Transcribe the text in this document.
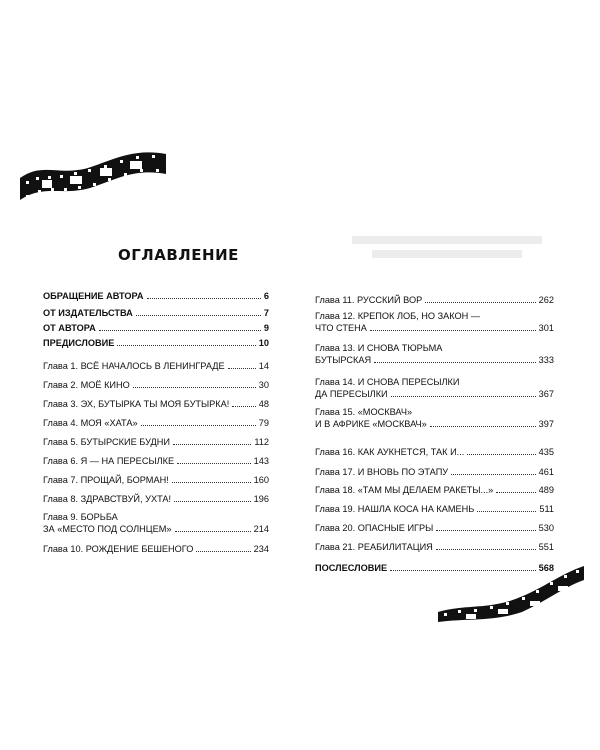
ОГЛАВЛЕНИЕ
ОБРАЩЕНИЕ АВТОРА	6
ОТ ИЗДАТЕЛЬСТВА	7
ОТ АВТОРА	9
ПРЕДИСЛОВИЕ	10
Глава 1. ВСЁ НАЧАЛОСЬ В ЛЕНИНГРАДЕ	14
Глава 2. МОЁ КИНО	30
Глава 3. ЭХ, БУТЫРКА ТЫ МОЯ БУТЫРКА!	48
Глава 4. МОЯ «ХАТА»	79
Глава 5. БУТЫРСКИЕ БУДНИ	112
Глава 6. Я — НА ПЕРЕСЫЛКЕ	143
Глава 7. ПРОЩАЙ, БОРМАН!	160
Глава 8. ЗДРАВСТВУЙ, УХТА!	196
Глава 9. БОРЬБА
ЗА «МЕСТО ПОД СОЛНЦЕМ»	214
Глава 10. РОЖДЕНИЕ БЕШЕНОГО	234
Глава 11. РУССКИЙ ВОР	262
Глава 12. КРЕПОК ЛОБ, НО ЗАКОН —
ЧТО СТЕНА	301
Глава 13. И СНОВА ТЮРЬМА
БУТЫРСКАЯ	333
Глава 14. И СНОВА ПЕРЕСЫЛКИ
ДА ПЕРЕСЫЛКИ	367
Глава 15. «МОСКВАЧ»
И В АФРИКЕ «МОСКВАЧ»	397
Глава 16. КАК АУКНЕТСЯ, ТАК И...	435
Глава 17. И ВНОВЬ ПО ЭТАПУ	461
Глава 18. «ТАМ МЫ ДЕЛАЕМ РАКЕТЫ...»	489
Глава 19. НАШЛА КОСА НА КАМЕНЬ	511
Глава 20. ОПАСНЫЕ ИГРЫ	530
Глава 21. РЕАБИЛИТАЦИЯ	551
ПОСЛЕСЛОВИЕ	568
